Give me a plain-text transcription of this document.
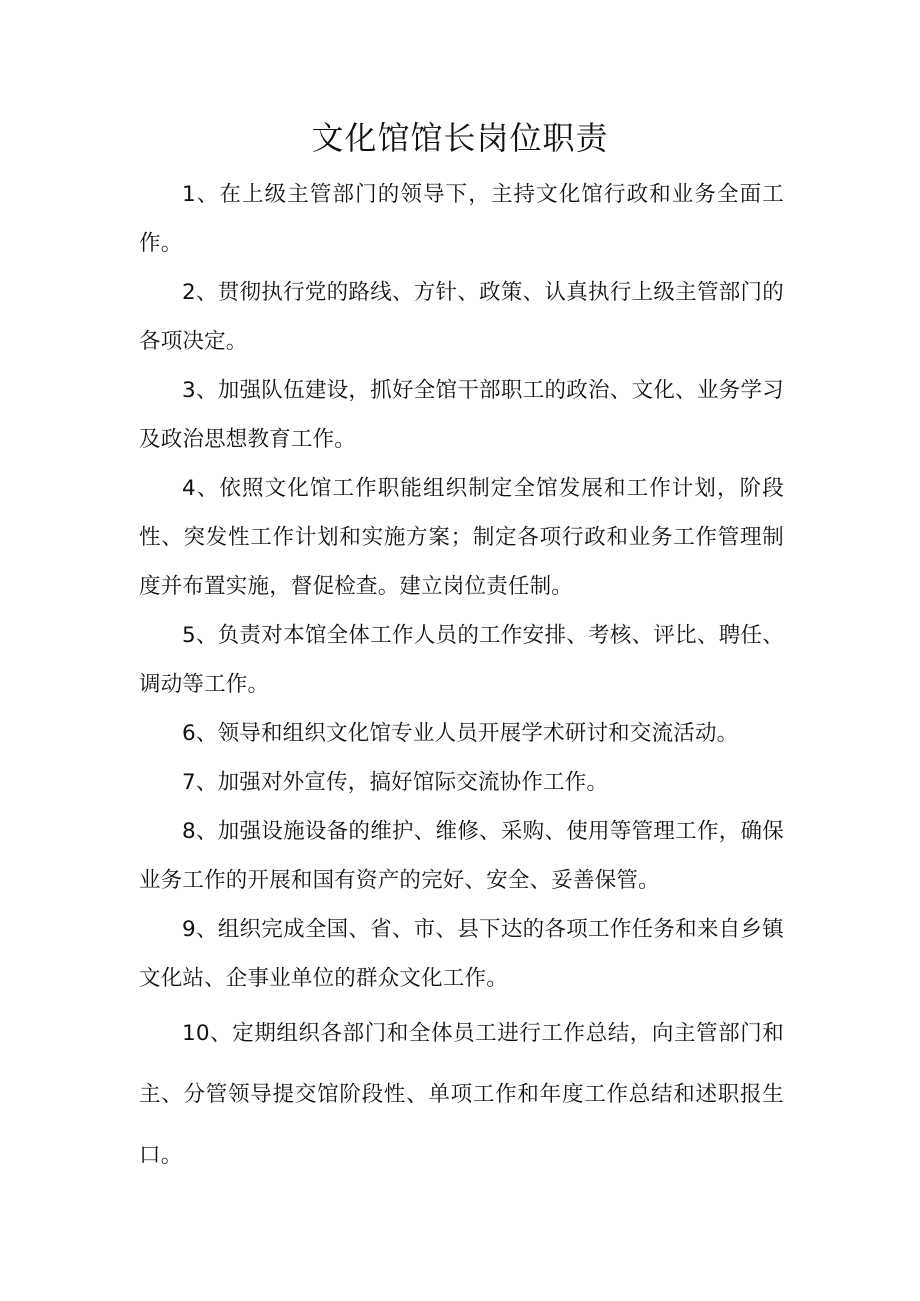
文化馆馆长岗位职责

1、在上级主管部门的领导下，主持文化馆行政和业务全面工作。

2、贯彻执行党的路线、方针、政策、认真执行上级主管部门的各项决定。

3、加强队伍建设，抓好全馆干部职工的政治、文化、业务学习及政治思想教育工作。

4、依照文化馆工作职能组织制定全馆发展和工作计划，阶段性、突发性工作计划和实施方案；制定各项行政和业务工作管理制度并布置实施，督促检查。建立岗位责任制。

5、负责对本馆全体工作人员的工作安排、考核、评比、聘任、调动等工作。

6、领导和组织文化馆专业人员开展学术研讨和交流活动。

7、加强对外宣传，搞好馆际交流协作工作。

8、加强设施设备的维护、维修、采购、使用等管理工作，确保业务工作的开展和国有资产的完好、安全、妥善保管。

9、组织完成全国、省、市、县下达的各项工作任务和来自乡镇文化站、企事业单位的群众文化工作。

10、定期组织各部门和全体员工进行工作总结，向主管部门和主、分管领导提交馆阶段性、单项工作和年度工作总结和述职报生 口。
